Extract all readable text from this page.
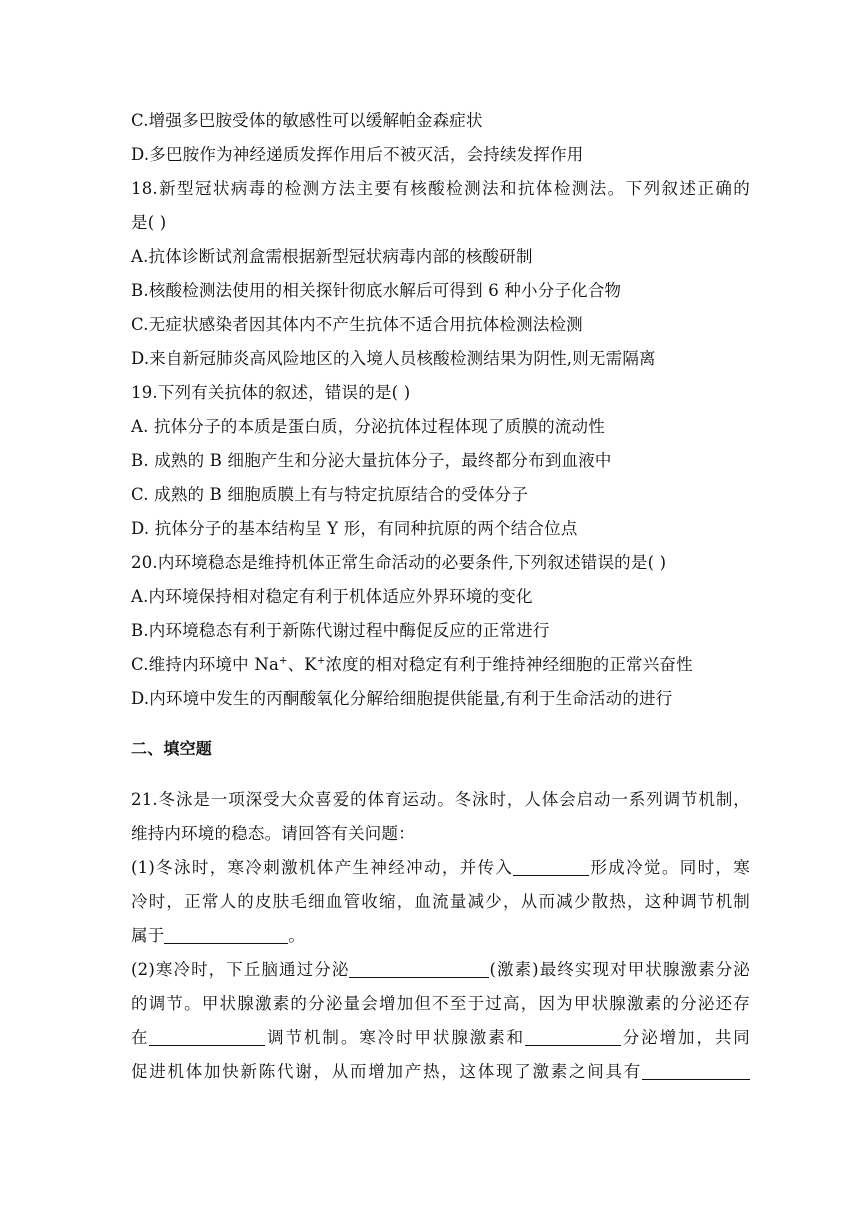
C.增强多巴胺受体的敏感性可以缓解帕金森症状
D.多巴胺作为神经递质发挥作用后不被灭活，会持续发挥作用
18.新型冠状病毒的检测方法主要有核酸检测法和抗体检测法。下列叙述正确的
是( )
A.抗体诊断试剂盒需根据新型冠状病毒内部的核酸研制
B.核酸检测法使用的相关探针彻底水解后可得到 6 种小分子化合物
C.无症状感染者因其体内不产生抗体不适合用抗体检测法检测
D.来自新冠肺炎高风险地区的入境人员核酸检测结果为阴性,则无需隔离
19.下列有关抗体的叙述，错误的是( )
A. 抗体分子的本质是蛋白质，分泌抗体过程体现了质膜的流动性
B. 成熟的 B 细胞产生和分泌大量抗体分子，最终都分布到血液中
C. 成熟的 B 细胞质膜上有与特定抗原结合的受体分子
D. 抗体分子的基本结构呈 Y 形，有同种抗原的两个结合位点
20.内环境稳态是维持机体正常生命活动的必要条件,下列叙述错误的是( )
A.内环境保持相对稳定有利于机体适应外界环境的变化
B.内环境稳态有利于新陈代谢过程中酶促反应的正常进行
C.维持内环境中 Na+、K+浓度的相对稳定有利于维持神经细胞的正常兴奋性
D.内环境中发生的丙酮酸氧化分解给细胞提供能量,有利于生命活动的进行
二、填空题
21.冬泳是一项深受大众喜爱的体育运动。冬泳时，人体会启动一系列调节机制，
维持内环境的稳态。请回答有关问题：
(1)冬泳时，寒冷刺激机体产生神经冲动，并传入	形成冷觉。同时，寒
冷时，正常人的皮肤毛细血管收缩，血流量减少，从而减少散热，这种调节机制
属于	。
(2)寒冷时，下丘脑通过分泌	(激素)最终实现对甲状腺激素分泌
的调节。甲状腺激素的分泌量会增加但不至于过高，因为甲状腺激素的分泌还存
在	调节机制。寒冷时甲状腺激素和	分泌增加，共同
促进机体加快新陈代谢，从而增加产热，这体现了激素之间具有
